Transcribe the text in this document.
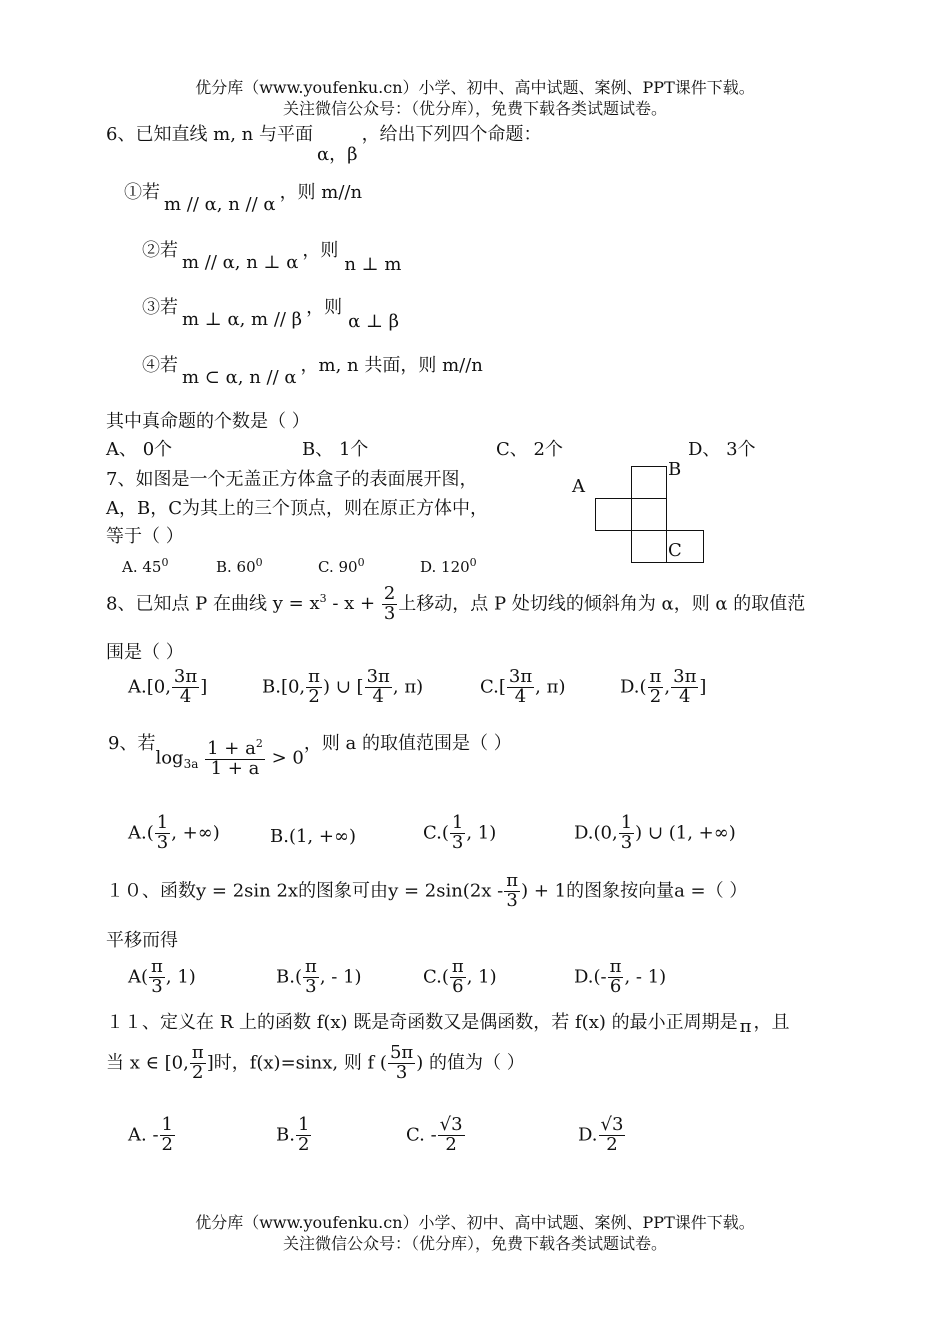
优分库（www.youfenku.cn）小学、初中、高中试题、案例、PPT课件下载。
关注微信公众号：（优分库），免费下载各类试题试卷。
6、已知直线 m, n 与平面α，β，给出下列四个命题：
①若m // α, n // α，则 m//n
②若m // α, n ⊥ α，则n ⊥ m
③若m ⊥ α, m // β，则α ⊥ β
④若m ⊂ α, n // α，m, n 共面，则 m//n
其中真命题的个数是（ ）
A、 0个	B、 1个	C、 2个	D、 3个
7、如图是一个无盖正方体盒子的表面展开图，
A，B，C为其上的三个顶点，则在原正方体中，
等于（ ）
A. $45^0$	B. $60^0$	C. $90^0$	D. $120^0$
A
B
C
8、已知点 P 在曲线 $y = x^3 - x + \frac{2}{3}$ 上移动，点 P 处切线的倾斜角为 α，则 α 的取值范
围是（ ）
A.[0, $\frac{3\pi}{4}$ ]	B.[0, $\frac{\pi}{2}$ ) ∪ [ $\frac{3\pi}{4}$ , π)	$C.[ \frac{3\pi}{4}$ , π)	$D.( \frac{\pi}{2}$ , $\frac{3\pi}{4}$ ]
9、若$\log_{3a} \frac{1 + a^2}{1 + a} > 0$，则 a 的取值范围是（ ）
$A.( \frac{1}{3}$ , +∞)	B.(1, +∞)	$C.( \frac{1}{3}$ , 1)	D.(0, $\frac{1}{3}$ ) ∪ (1, +∞)
１０、函数y = 2sin 2x的图象可由$y = 2\sin(2x - \frac{\pi}{3}$ ) + 1的图象按向量a =（ ）
平移而得
$A( \frac{\pi}{3}$ , 1)	$B.( \frac{\pi}{3}$ , - 1)	$C.( \frac{\pi}{6}$ , 1)	$D.(- \frac{\pi}{6}$ , - 1)
１１、定义在 R 上的函数 f(x) 既是奇函数又是偶函数，若 f(x) 的最小正周期是 π ，且
当 x ∈ [0, $\frac{\pi}{2}$ ]时，f(x)=sinx, 则 f ( $\frac{5\pi}{3}$ ) 的值为（ ）
A. - $\frac{1}{2}$	B. $\frac{1}{2}$	C. - $\frac{√3}{2}$	D. $\frac{√3}{2}$
优分库（www.youfenku.cn）小学、初中、高中试题、案例、PPT课件下载。
关注微信公众号：（优分库），免费下载各类试题试卷。
